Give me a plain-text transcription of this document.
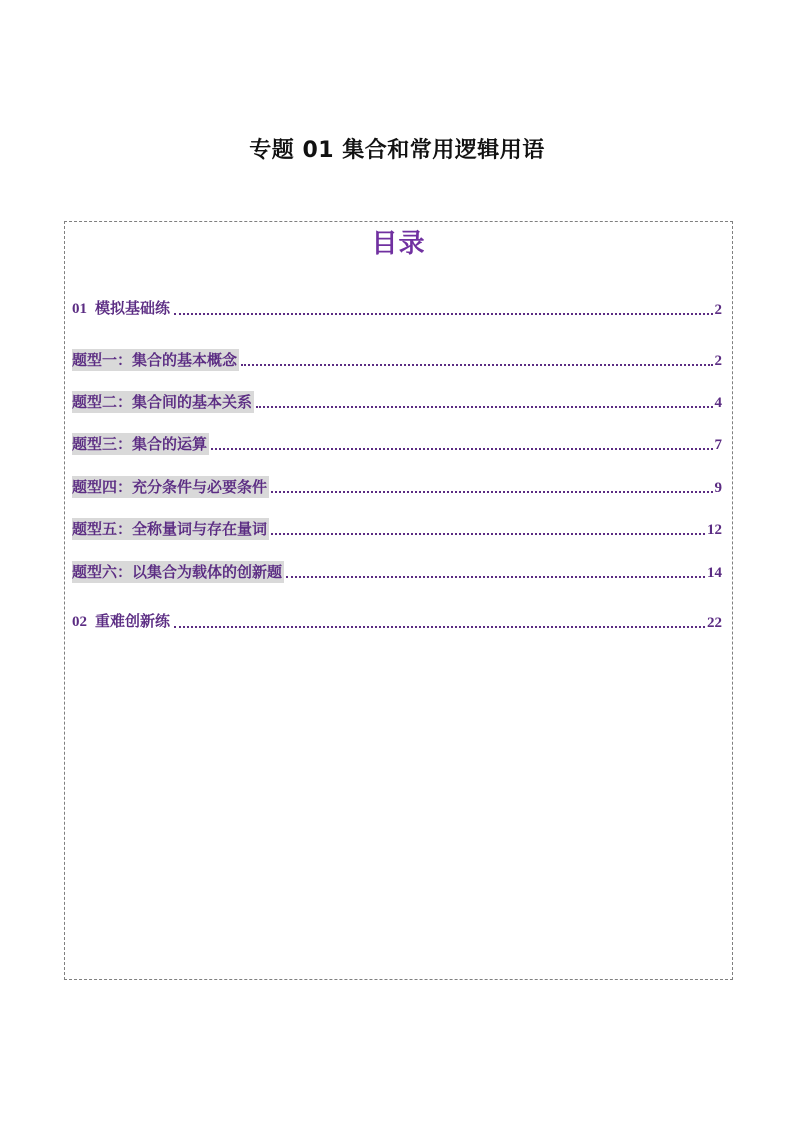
专题 01 集合和常用逻辑用语
目录
01 模拟基础练	2
题型一：集合的基本概念	2
题型二：集合间的基本关系	4
题型三：集合的运算	7
题型四：充分条件与必要条件	9
题型五：全称量词与存在量词	12
题型六：以集合为载体的创新题	14
02 重难创新练	22
